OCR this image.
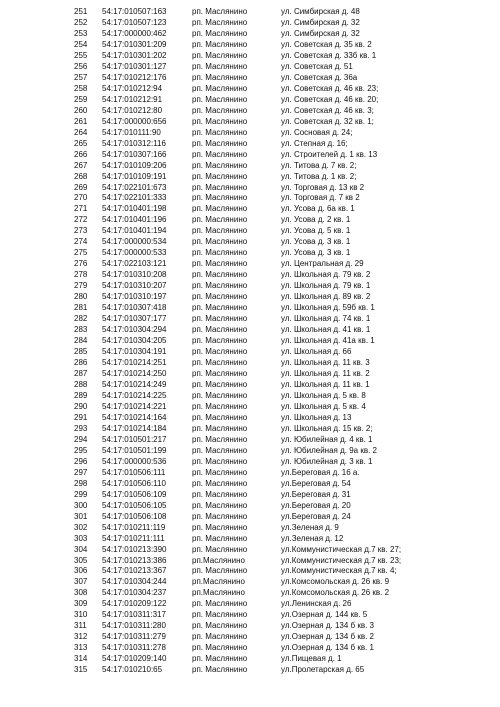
251 54:17:010507:163	рп. Маслянино	ул. Симбирская д. 48
252 54:17:010507:123	рп. Маслянино	ул. Симбирская д. 32
253 54:17:000000:462	рп. Маслянино	ул. Симбирская д. 32
254 54:17:010301:209	рп. Маслянино	ул. Советская д. 35 кв. 2
255 54:17:010301:202	рп. Маслянино	ул. Советская д. 33б кв. 1
256 54:17:010301:127	рп. Маслянино	ул. Советская д. 51
257 54:17:010212:176	рп. Маслянино	ул. Советская д. 36а
258 54:17:010212:94	рп. Маслянино	ул. Советская д. 46 кв. 23;
259 54:17:010212:91	рп. Маслянино	ул. Советская д. 46 кв. 20;
260 54:17:010212:80	рп. Маслянино	ул. Советская д. 46 кв. 3;
261 54:17:000000:656	рп. Маслянино	ул. Советская д. 32 кв. 1;
264 54:17:010111:90	рп. Маслянино	ул. Сосновая д. 24;
265 54:17:010312:116	рп. Маслянино	ул. Степная д. 16;
266 54:17:010307:166	рп. Маслянино	ул. Строителей д. 1 кв. 13
267 54:17:010109:206	рп. Маслянино	ул. Титова д. 7 кв. 2;
268 54:17:010109:191	рп. Маслянино	ул. Титова д. 1 кв. 2;
269 54:17:022101:673	рп. Маслянино	ул. Торговая д. 13 кв 2
270 54:17:022101:333	рп. Маслянино	ул. Торговая д. 7 кв 2
271 54:17:010401:198	рп. Маслянино	ул. Усова д. 6а кв. 1
272 54:17:010401:196	рп. Маслянино	ул. Усова д. 2 кв. 1
273 54:17:010401:194	рп. Маслянино	ул. Усова д. 5 кв. 1
274 54:17:000000:534	рп. Маслянино	ул. Усова д. 3 кв. 1
275 54:17:000000:533	рп. Маслянино	ул. Усова д. 3 кв. 1
276 54:17:022103:121	рп. Маслянино	ул. Центральная д. 29
278 54:17:010310:208	рп. Маслянино	ул. Школьная д. 79 кв. 2
279 54:17:010310:207	рп. Маслянино	ул. Школьная д. 79 кв. 1
280 54:17:010310:197	рп. Маслянино	ул. Школьная д. 89 кв. 2
281 54:17:010307:418	рп. Маслянино	ул. Школьная д. 59б кв. 1
282 54:17:010307:177	рп. Маслянино	ул. Школьная д. 74 кв. 1
283 54:17:010304:294	рп. Маслянино	ул. Школьная д. 41 кв. 1
284 54:17:010304:205	рп. Маслянино	ул. Школьная д. 41а кв. 1
285 54:17:010304:191	рп. Маслянино	ул. Школьная д. 66
286 54:17:010214:251	рп. Маслянино	ул. Школьная д. 11 кв. 3
287 54:17:010214:250	рп. Маслянино	ул. Школьная д. 11 кв. 2
288 54:17:010214:249	рп. Маслянино	ул. Школьная д. 11 кв. 1
289 54:17:010214:225	рп. Маслянино	ул. Школьная д. 5 кв. 8
290 54:17:010214:221	рп. Маслянино	ул. Школьная д. 5 кв. 4
291 54:17:010214:164	рп. Маслянино	ул. Школьная д. 13
293 54:17:010214:184	рп. Маслянино	ул. Школьная д. 15 кв. 2;
294 54:17:010501:217	рп. Маслянино	ул. Юбилейная д. 4 кв. 1
295 54:17:010501:199	рп. Маслянино	ул. Юбилейная д. 9а кв. 2
296 54:17:000000:536	рп. Маслянино	ул. Юбилейная д. 3 кв. 1
297 54:17:010506:111	рп. Маслянино	ул.Береговая д. 16 а.
298 54:17:010506:110	рп. Маслянино	ул.Береговая д. 54
299 54:17:010506:109	рп. Маслянино	ул.Береговая д. 31
300 54:17:010506:105	рп. Маслянино	ул.Береговая д. 20
301 54:17:010506:108	рп. Маслянино	ул.Береговая д. 24
302 54:17:010211:119	рп. Маслянино	ул.Зеленая д. 9
303 54:17:010211:111	рп. Маслянино	ул.Зеленая д. 12
304 54:17:010213:390	рп. Маслянино	ул.Коммунистическая д.7 кв. 27;
305 54:17:010213:386	рп.Маслянино	ул.Коммунистическая д.7 кв. 23;
306 54:17:010213:367	рп. Маслянино	ул.Коммунистическая д.7 кв. 4;
307 54:17:010304:244	рп.Маслянино	ул.Комсомольская д. 26 кв. 9
308 54:17:010304:237	рп.Маслянино	ул.Комсомольская д. 26 кв. 2
309 54:17:010209:122	рп. Маслянино	ул.Ленинская д. 26
310 54:17:010311:317	рп. Маслянино	ул.Озерная д. 144 кв. 5
311 54:17:010311:280	рп. Маслянино	ул.Озерная д. 134 б кв. 3
312 54:17:010311:279	рп. Маслянино	ул.Озерная д. 134 б кв. 2
313 54:17:010311:278	рп. Маслянино	ул.Озерная д. 134 б кв. 1
314 54:17:010209:140	рп. Маслянино	ул.Пищевая д. 1
315 54:17:010210:65	рп. Маслянино	ул.Пролетарская д. 65
